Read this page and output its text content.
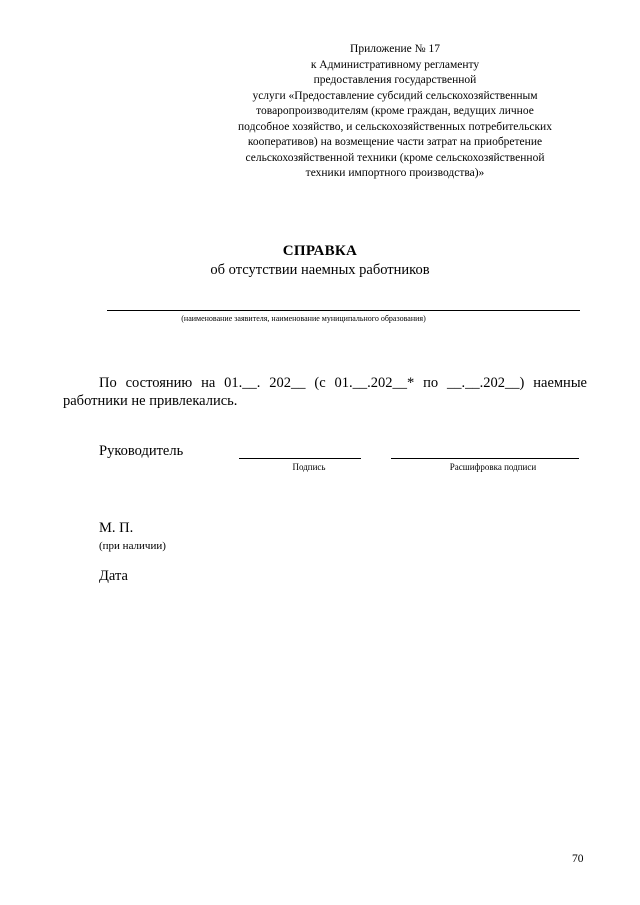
Приложение № 17
к Административному регламенту
предоставления государственной
услуги «Предоставление субсидий сельскохозяйственным
товаропроизводителям (кроме граждан, ведущих личное
подсобное хозяйство, и сельскохозяйственных потребительских
кооперативов) на возмещение части затрат на приобретение
сельскохозяйственной техники (кроме сельскохозяйственной
техники импортного производства)»
СПРАВКА
об отсутствии наемных работников
(наименование заявителя, наименование муниципального образования)
По состоянию на 01.__. 202__ (с 01.__.202__* по __.__.202__) наемные
работники не привлекались.
Руководитель
Подпись	Расшифровка подписи
М. П.
(при наличии)
Дата
70
